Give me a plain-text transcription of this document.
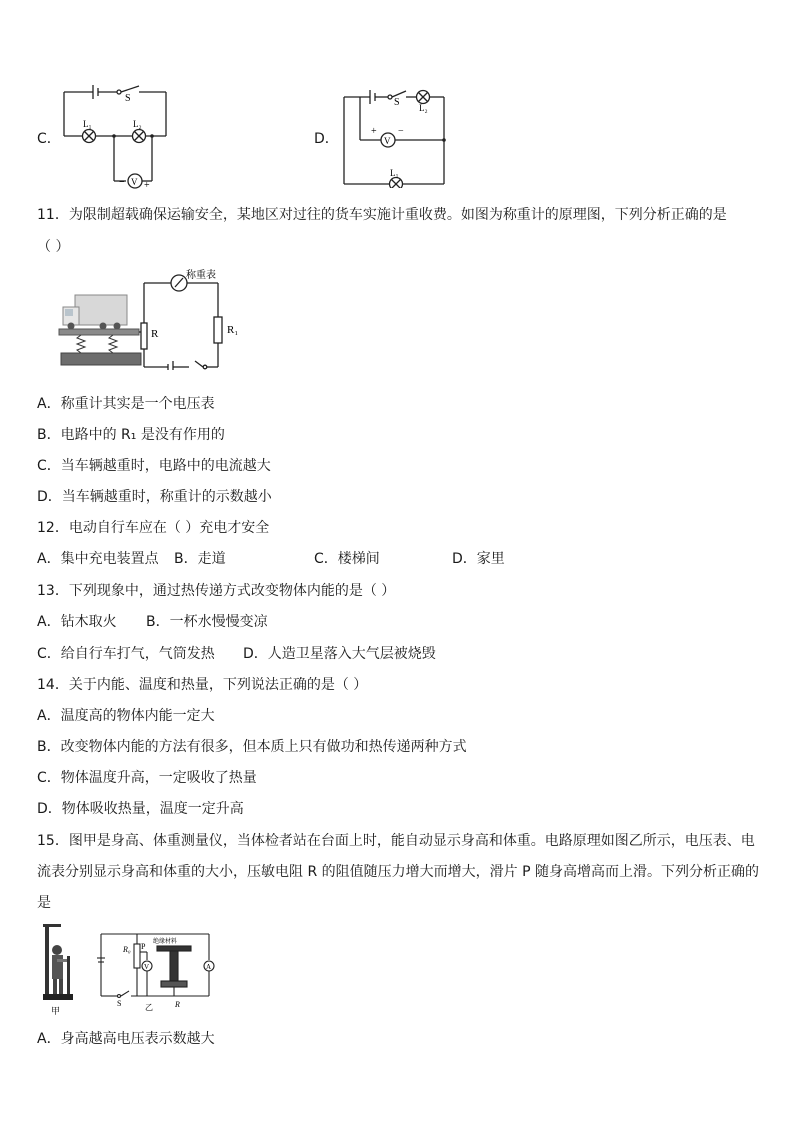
C．
S
L₁	L₂
V
− +
D．
S L₂
L₁
V
+ −
11．为限制超载确保运输安全，某地区对过往的货车实施计重收费。如图为称重计的原理图，下列分析正确的是
（ ）
称重表
R	R₁
A．称重计其实是一个电压表
B．电路中的 R₁ 是没有作用的
C．当车辆越重时，电路中的电流越大
D．当车辆越重时，称重计的示数越小
12．电动自行车应在（ ）充电才安全
A．集中充电装置点 B．走道	C．楼梯间	D．家里
13．下列现象中，通过热传递方式改变物体内能的是（ ）
A．钻木取火 B．一杯水慢慢变凉
C．给自行车打气，气筒发热 D．人造卫星落入大气层被烧毁
14．关于内能、温度和热量，下列说法正确的是（ ）
A．温度高的物体内能一定大
B．改变物体内能的方法有很多，但本质上只有做功和热传递两种方式
C．物体温度升高，一定吸收了热量
D．物体吸收热量，温度一定升高
15．图甲是身高、体重测量仪，当体检者站在台面上时，能自动显示身高和体重。电路原理如图乙所示，电压表、电
流表分别显示身高和体重的大小，压敏电阻 R 的阻值随压力增大而增大，滑片 P 随身高增高而上滑。下列分析正确的
是
甲
R₀ P
V	A
绝缘材料
R
S	乙
A．身高越高电压表示数越大
